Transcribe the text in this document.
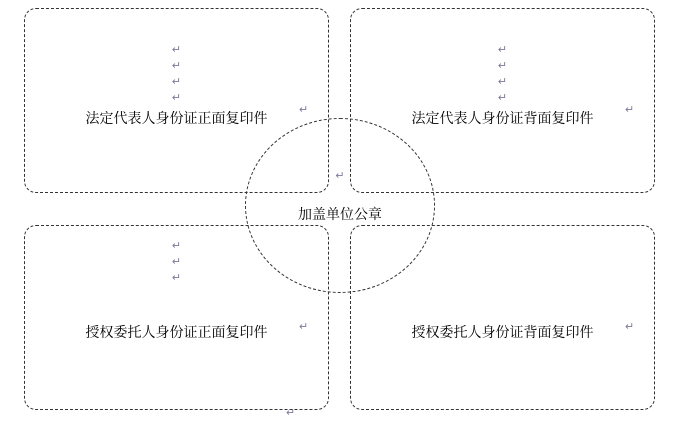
↵
↵
↵
↵
法定代表人身份证正面复印件
↵
↵
↵
↵
法定代表人身份证背面复印件
授权委托人身份证正面复印件	授权委托人身份证背面复印件
↵
↵
↵
↵
加盖单位公章
↵	↵
↵	↵
↵
